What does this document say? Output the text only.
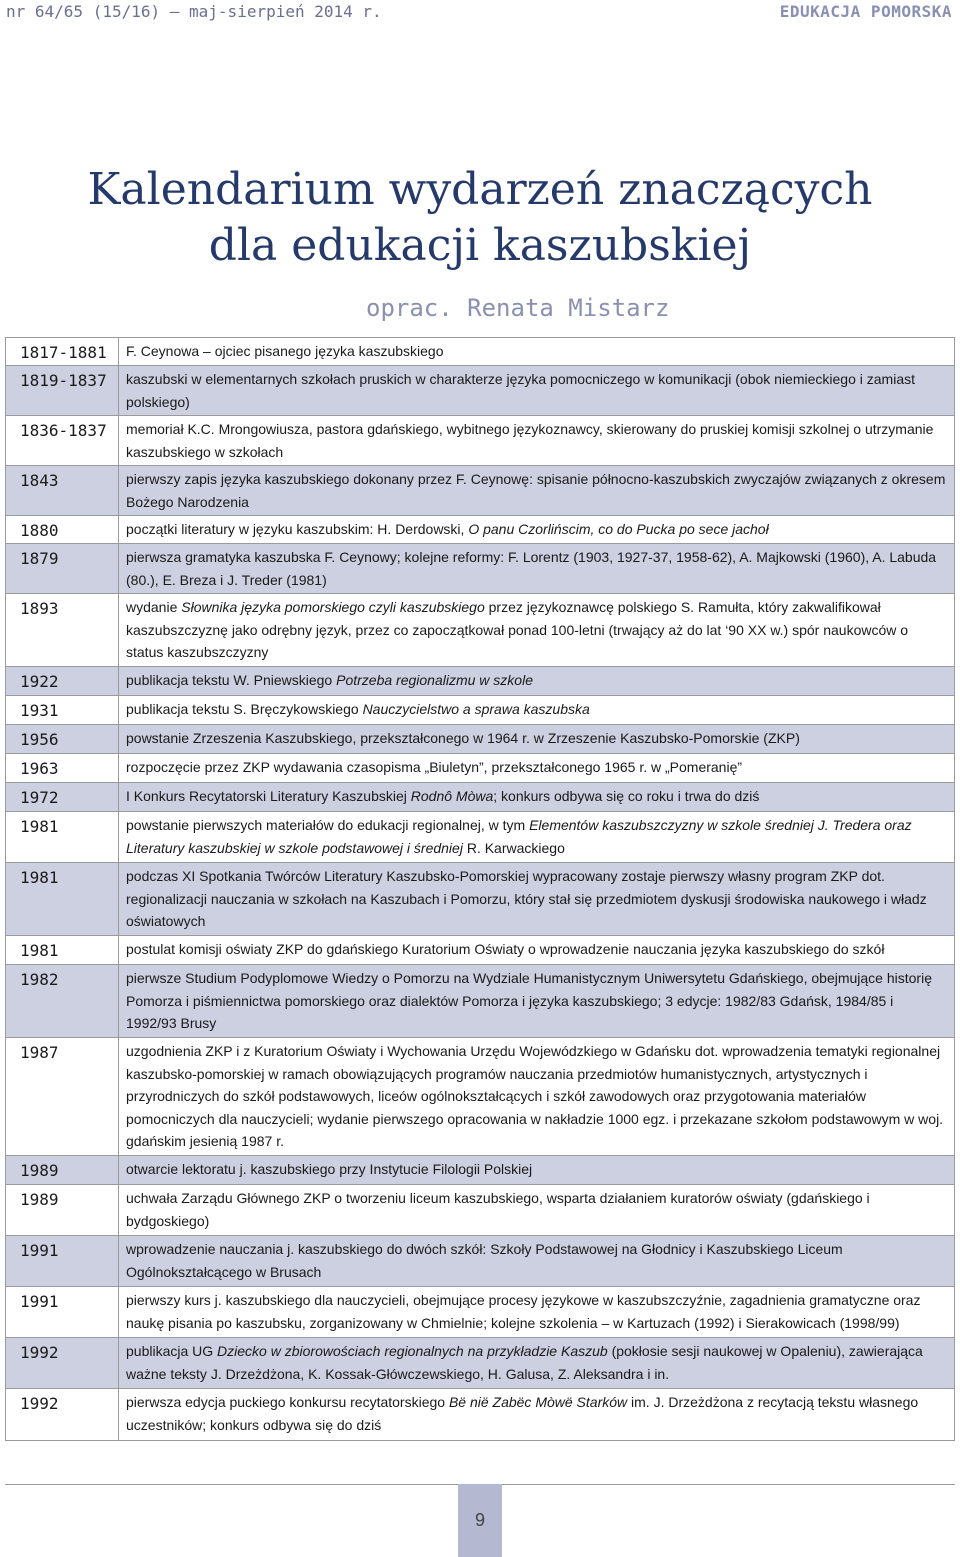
nr 64/65 (15/16) – maj-sierpień 2014 r.	EDUKACJA POMORSKA
Kalendarium wydarzeń znaczących
dla edukacji kaszubskiej
oprac. Renata Mistarz
1817-1881	F. Ceynowa – ojciec pisanego języka kaszubskiego
1819-1837	kaszubski w elementarnych szkołach pruskich w charakterze języka pomocniczego w komunikacji (obok niemieckiego i zamiast polskiego)
1836-1837	memoriał K.C. Mrongowiusza, pastora gdańskiego, wybitnego językoznawcy, skierowany do pruskiej komisji szkolnej o utrzymanie kaszubskiego w szkołach
1843	pierwszy zapis języka kaszubskiego dokonany przez F. Ceynowę: spisanie północno-kaszubskich zwyczajów związanych z okresem Bożego Narodzenia
1880	początki literatury w języku kaszubskim: H. Derdowski, O panu Czorlińscim, co do Pucka po sece jachoł
1879	pierwsza gramatyka kaszubska F. Ceynowy; kolejne reformy: F. Lorentz (1903, 1927-37, 1958-62), A. Majkowski (1960), A. Labuda (80.), E. Breza i J. Treder (1981)
1893	wydanie Słownika języka pomorskiego czyli kaszubskiego przez językoznawcę polskiego S. Ramułta, który zakwalifikował kaszubszczyznę jako odrębny język, przez co zapoczątkował ponad 100-letni (trwający aż do lat ‘90 XX w.) spór naukowców o status kaszubszczyzny
1922	publikacja tekstu W. Pniewskiego Potrzeba regionalizmu w szkole
1931	publikacja tekstu S. Bręczykowskiego Nauczycielstwo a sprawa kaszubska
1956	powstanie Zrzeszenia Kaszubskiego, przekształconego w 1964 r. w Zrzeszenie Kaszubsko-Pomorskie (ZKP)
1963	rozpoczęcie przez ZKP wydawania czasopisma „Biuletyn”, przekształconego 1965 r. w „Pomeranię”
1972	I Konkurs Recytatorski Literatury Kaszubskiej Rodnô Mòwa; konkurs odbywa się co roku i trwa do dziś
1981	powstanie pierwszych materiałów do edukacji regionalnej, w tym Elementów kaszubszczyzny w szkole średniej J. Tredera oraz Literatury kaszubskiej w szkole podstawowej i średniej R. Karwackiego
1981	podczas XI Spotkania Twórców Literatury Kaszubsko-Pomorskiej wypracowany zostaje pierwszy własny program ZKP dot. regionalizacji nauczania w szkołach na Kaszubach i Pomorzu, który stał się przedmiotem dyskusji środowiska naukowego i władz oświatowych
1981	postulat komisji oświaty ZKP do gdańskiego Kuratorium Oświaty o wprowadzenie nauczania języka kaszubskiego do szkół
1982	pierwsze Studium Podyplomowe Wiedzy o Pomorzu na Wydziale Humanistycznym Uniwersytetu Gdańskiego, obejmujące historię Pomorza i piśmiennictwa pomorskiego oraz dialektów Pomorza i języka kaszubskiego; 3 edycje: 1982/83 Gdańsk, 1984/85 i 1992/93 Brusy
1987	uzgodnienia ZKP i z Kuratorium Oświaty i Wychowania Urzędu Wojewódzkiego w Gdańsku dot. wprowadzenia tematyki regionalnej kaszubsko-pomorskiej w ramach obowiązujących programów nauczania przedmiotów humanistycznych, artystycznych i przyrodniczych do szkół podstawowych, liceów ogólnokształcących i szkół zawodowych oraz przygotowania materiałów pomocniczych dla nauczycieli; wydanie pierwszego opracowania w nakładzie 1000 egz. i przekazane szkołom podstawowym w woj. gdańskim jesienią 1987 r.
1989	otwarcie lektoratu j. kaszubskiego przy Instytucie Filologii Polskiej
1989	uchwała Zarządu Głównego ZKP o tworzeniu liceum kaszubskiego, wsparta działaniem kuratorów oświaty (gdańskiego i bydgoskiego)
1991	wprowadzenie nauczania j. kaszubskiego do dwóch szkół: Szkoły Podstawowej na Głodnicy i Kaszubskiego Liceum Ogólnokształcącego w Brusach
1991	pierwszy kurs j. kaszubskiego dla nauczycieli, obejmujące procesy językowe w kaszubszczyźnie, zagadnienia gramatyczne oraz naukę pisania po kaszubsku, zorganizowany w Chmielnie; kolejne szkolenia – w Kartuzach (1992) i Sierakowicach (1998/99)
1992	publikacja UG Dziecko w zbiorowościach regionalnych na przykładzie Kaszub (pokłosie sesji naukowej w Opalenіu), zawierająca ważne teksty J. Drzeżdżona, K. Kossak-Główczewskiego, H. Galusa, Z. Aleksandra i in.
1992	pierwsza edycja puckiego konkursu recytatorskiego Bë niё Zabëc Mòwё Starków im. J. Drzeżdżona z recytacją tekstu własnego uczestników; konkurs odbywa się do dziś
9
